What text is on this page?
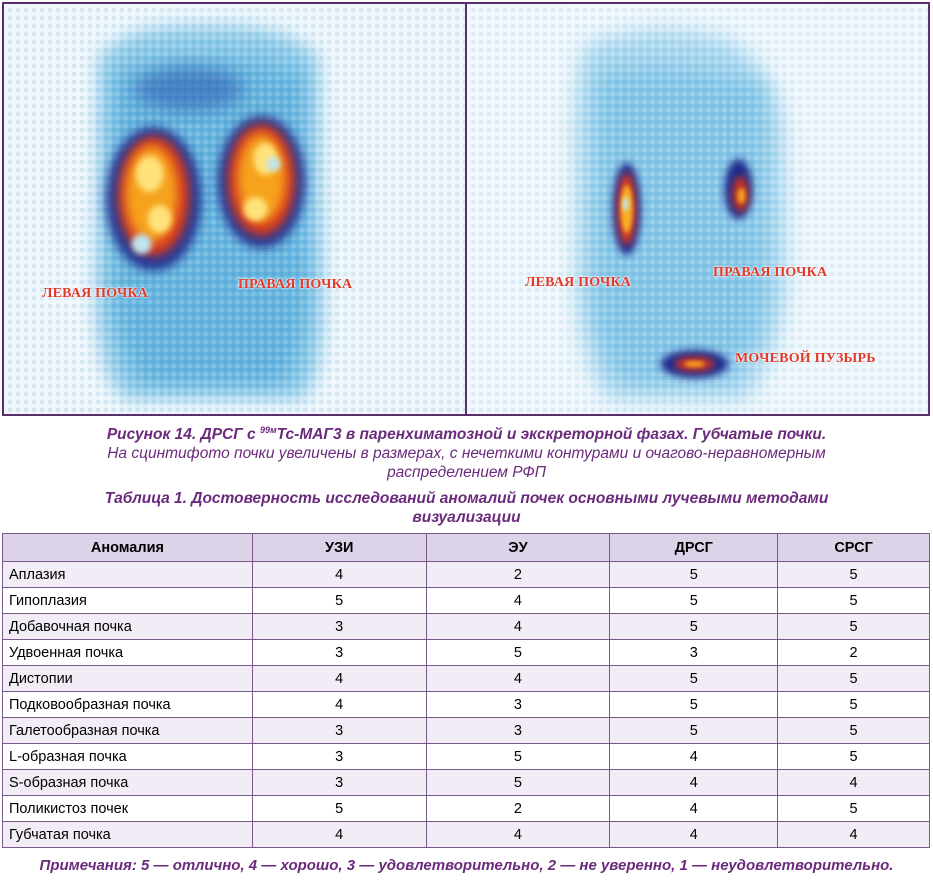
ЛЕВАЯ ПОЧКА
ПРАВАЯ ПОЧКА	ЛЕВАЯ ПОЧКА
ПРАВАЯ ПОЧКА
МОЧЕВОЙ ПУЗЫРЬ
Рисунок 14. ДРСГ с $^{99м}$Tc-МАГ3 в паренхиматозной и экскреторной фазах. Губчатые почки.
На сцинтифото почки увеличены в размерах, с нечеткими контурами и очагово-неравномерным
распределением РФП
Таблица 1. Достоверность исследований аномалий почек основными лучевыми методами
визуализации
Аномалия	УЗИ	ЭУ	ДРСГ	СРСГ
Аплазия	4	2	5	5
Гипоплазия	5	4	5	5
Добавочная почка	3	4	5	5
Удвоенная почка	3	5	3	2
Дистопии	4	4	5	5
Подковообразная почка	4	3	5	5
Галетообразная почка	3	3	5	5
L-образная почка	3	5	4	5
S-образная почка	3	5	4	4
Поликистоз почек	5	2	4	5
Губчатая почка	4	4	4	4
Примечания: 5 — отлично, 4 — хорошо, 3 — удовлетворительно, 2 — не уверенно, 1 — неудовлетворительно.
